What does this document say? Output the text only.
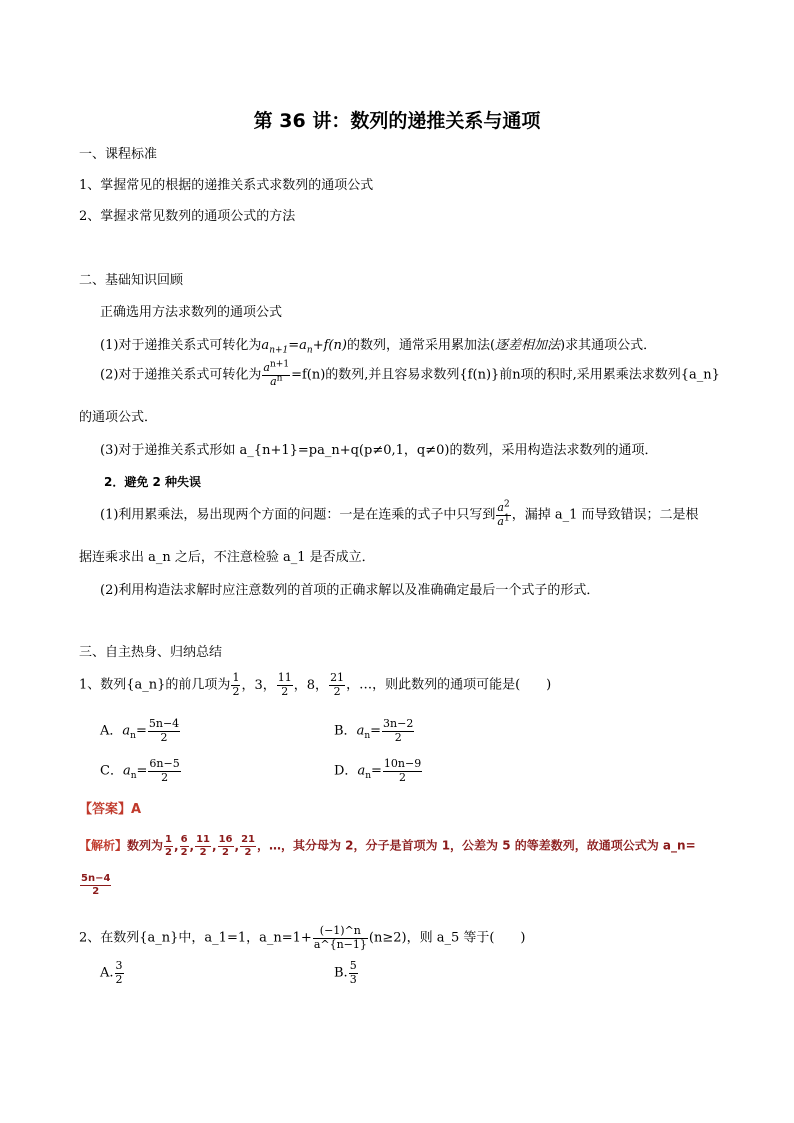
第 36 讲：数列的递推关系与通项
一、课程标准
1、掌握常见的根据的递推关系式求数列的通项公式
2、掌握求常见数列的通项公式的方法
二、基础知识回顾
正确选用方法求数列的通项公式
(1)对于递推关系式可转化为$a_{n+1}=a_n+f(n)$的数列，通常采用累加法(逐差相加法)求其通项公式．
(2)对于递推关系式可转化为 $\frac{a^{n+1}}{a^n} =f(n)$的数列,并且容易求数列{f(n)}前n项的积时,采用累乘法求数列{a_n}
的通项公式．
(3)对于递推关系式形如 a_{n+1}=pa_n+q(p≠0,1，q≠0)的数列，采用构造法求数列的通项．
2．避免 2 种失误
(1)利用累乘法，易出现两个方面的问题：一是在连乘的式子中只写到 $\frac{a^2}{a^1}$ ，漏掉 a_1 而导致错误；二是根
据连乘求出 a_n 之后，不注意检验 a_1 是否成立．
(2)利用构造法求解时应注意数列的首项的正确求解以及准确确定最后一个式子的形式．
三、自主热身、归纳总结
1、数列{a_n}的前几项为 $\frac{1}{2}$ ，3， $\frac{11}{2}$ ，8， $\frac{21}{2}$ ，…，则此数列的通项可能是(　　)
A．$a_n= \frac{5n-4}{2}$	B．$a_n= \frac{3n-2}{2}$
C．$a_n= \frac{6n-5}{2}$	D．$a_n= \frac{10n-9}{2}$
【答案】A
【解析】数列为 $\frac{1}{2}$ , $\frac{6}{2}$ , $\frac{11}{2}$ , $\frac{16}{2}$ , $\frac{21}{2}$ ，…，其分母为 2，分子是首项为 1，公差为 5 的等差数列，故通项公式为 a_n=
$\frac{5n-4}{2}$
2、在数列{a_n}中，a_1=1，a_n=1+ $\frac{(-1)\^{}n}{a\^{}\{n-1\}} (n\ge 2)$，则 a_5 等于(　　)
A. $\frac{3}{2}$	B. $\frac{5}{3}$
